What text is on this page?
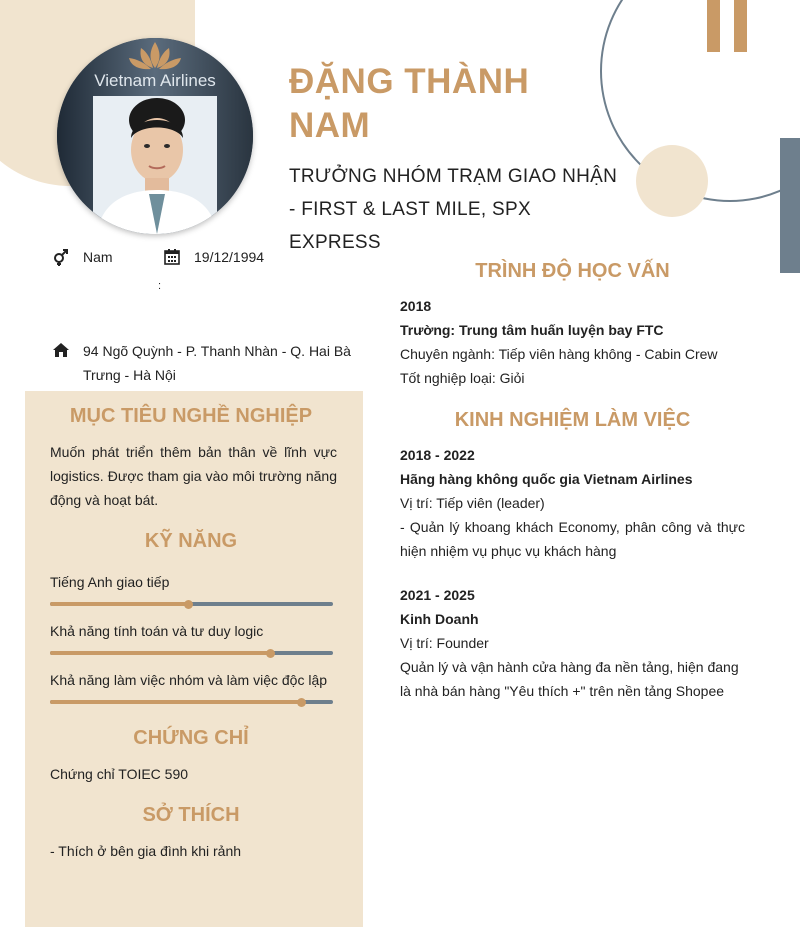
Vietnam Airlines ĐẶNG THÀNH
NAM
TRƯỞNG NHÓM TRẠM GIAO NHẬN
- FIRST & LAST MILE, SPX EXPRESS
Nam	19/12/1994
:
94 Ngõ Quỳnh - P. Thanh Nhàn - Q. Hai Bà Trưng - Hà Nội
MỤC TIÊU NGHỀ NGHIỆP
Muốn phát triển thêm bản thân về lĩnh vực logistics. Được tham gia vào môi trường năng động và hoạt bát.
KỸ NĂNG
Tiếng Anh giao tiếp
Khả năng tính toán và tư duy logic
Khả năng làm việc nhóm và làm việc độc lập
CHỨNG CHỈ
Chứng chỉ TOIEC 590
SỞ THÍCH
- Thích ở bên gia đình khi rảnh
TRÌNH ĐỘ HỌC VẤN
2018
Trường: Trung tâm huấn luyện bay FTC
Chuyên ngành: Tiếp viên hàng không - Cabin Crew
Tốt nghiệp loại: Giỏi
KINH NGHIỆM LÀM VIỆC
2018 - 2022
Hãng hàng không quốc gia Vietnam Airlines
Vị trí: Tiếp viên (leader)
- Quản lý khoang khách Economy, phân công và thực hiện nhiệm vụ phục vụ khách hàng
2021 - 2025
Kinh Doanh
Vị trí: Founder
Quản lý và vận hành cửa hàng đa nền tảng, hiện đang là nhà bán hàng "Yêu thích +" trên nền tảng Shopee
